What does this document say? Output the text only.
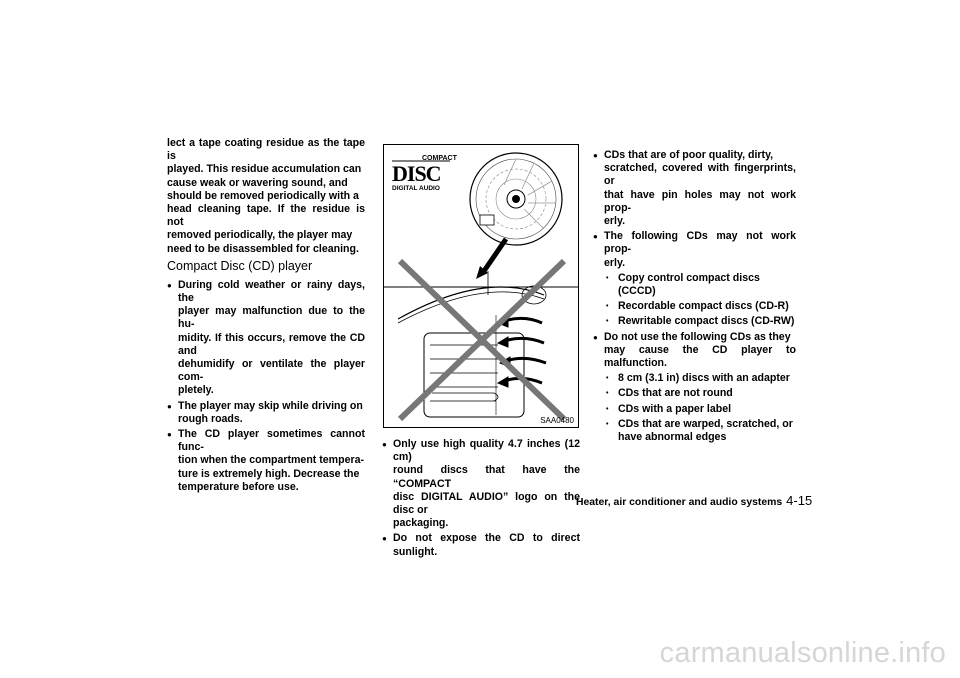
lect a tape coating residue as the tape is
played. This residue accumulation can
cause weak or wavering sound, and
should be removed periodically with a
head cleaning tape. If the residue is not
removed periodically, the player may
need to be disassembled for cleaning.
Compact Disc (CD) player
● During cold weather or rainy days, the
player may malfunction due to the hu-
midity. If this occurs, remove the CD and
dehumidify or ventilate the player com-
pletely.
● The player may skip while driving on
rough roads.
● The CD player sometimes cannot func-
tion when the compartment tempera-
ture is extremely high. Decrease the
temperature before use.
COMPACT
DISC
DIGITAL AUDIO
SAA0480
● Only use high quality 4.7 inches (12 cm)
round discs that have the “COMPACT
disc DIGITAL AUDIO” logo on the disc or
packaging.
● Do not expose the CD to direct sunlight.
● CDs that are of poor quality, dirty,
scratched, covered with fingerprints, or
that have pin holes may not work prop-
erly.
● The following CDs may not work prop-
erly.
• Copy control compact discs (CCCD)
• Recordable compact discs (CD-R)
• Rewritable compact discs (CD-RW)
● Do not use the following CDs as they
may cause the CD player to malfunction.
• 8 cm (3.1 in) discs with an adapter
• CDs that are not round
• CDs with a paper label
• CDs that are warped, scratched, or
have abnormal edges
Heater, air conditioner and audio systems 4-15
carmanualsonline.info
